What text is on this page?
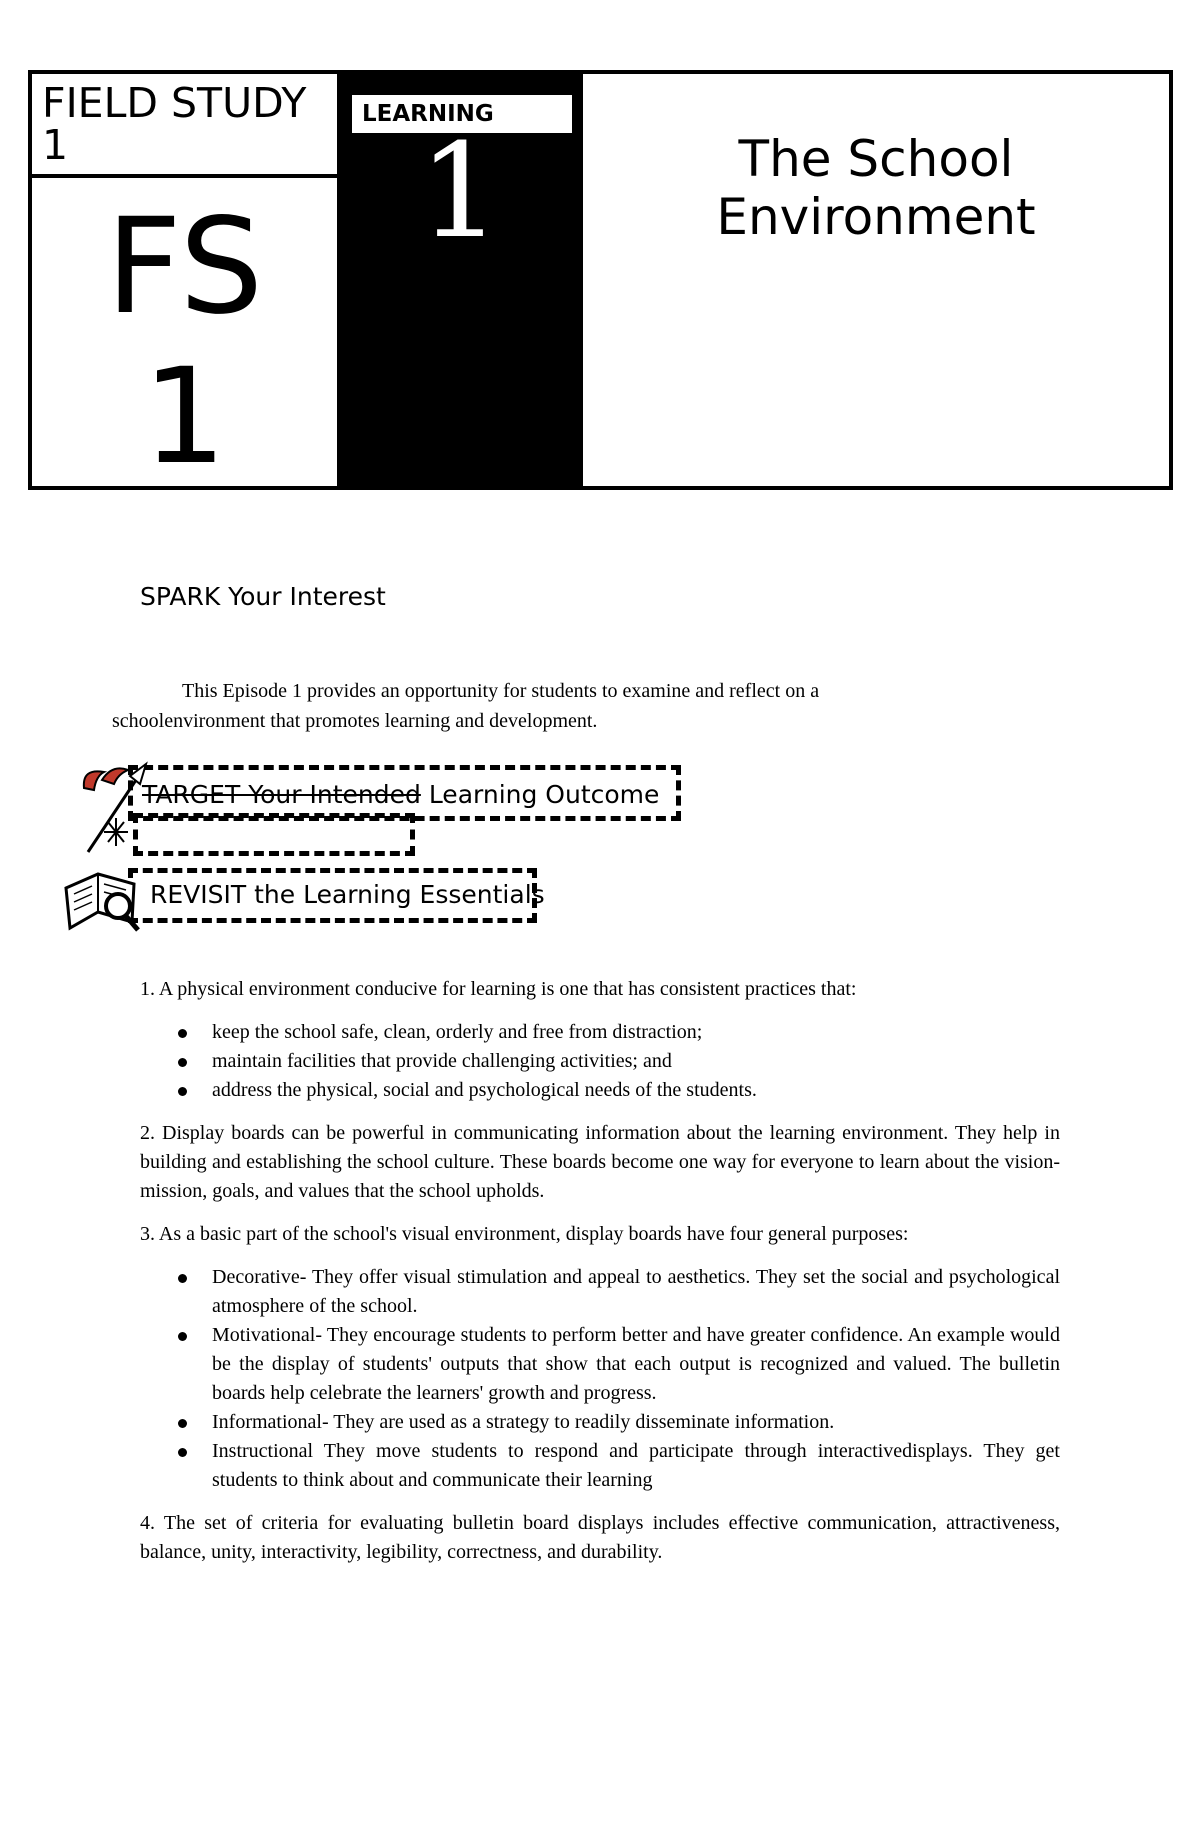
FIELD STUDY
1
FS
1
LEARNING
1	The School
Environment
SPARK Your Interest
This Episode 1 provides an opportunity for students to examine and reflect on a
schoolenvironment that promotes learning and development.
TARGET Your Intended Learning Outcome
REVISIT the Learning Essentials

1. A physical environment conducive for learning is one that has consistent practices that:

keep the school safe, clean, orderly and free from distraction;
maintain facilities that provide challenging activities; and
address the physical, social and psychological needs of the students.

2. Display boards can be powerful in communicating information about the learning environment. They help in building and establishing the school culture. These boards become one way for everyone to learn about the vision-mission, goals, and values that the school upholds.

3. As a basic part of the school's visual environment, display boards have four general purposes:

Decorative- They offer visual stimulation and appeal to aesthetics. They set the social and psychological atmosphere of the school.
Motivational- They encourage students to perform better and have greater confidence. An example would be the display of students' outputs that show that each output is recognized and valued. The bulletin boards help celebrate the learners' growth and progress.
Informational- They are used as a strategy to readily disseminate information.
Instructional They move students to respond and participate through interactivedisplays. They get students to think about and communicate their learning

4. The set of criteria for evaluating bulletin board displays includes effective communication, attractiveness, balance, unity, interactivity, legibility, correctness, and durability.
